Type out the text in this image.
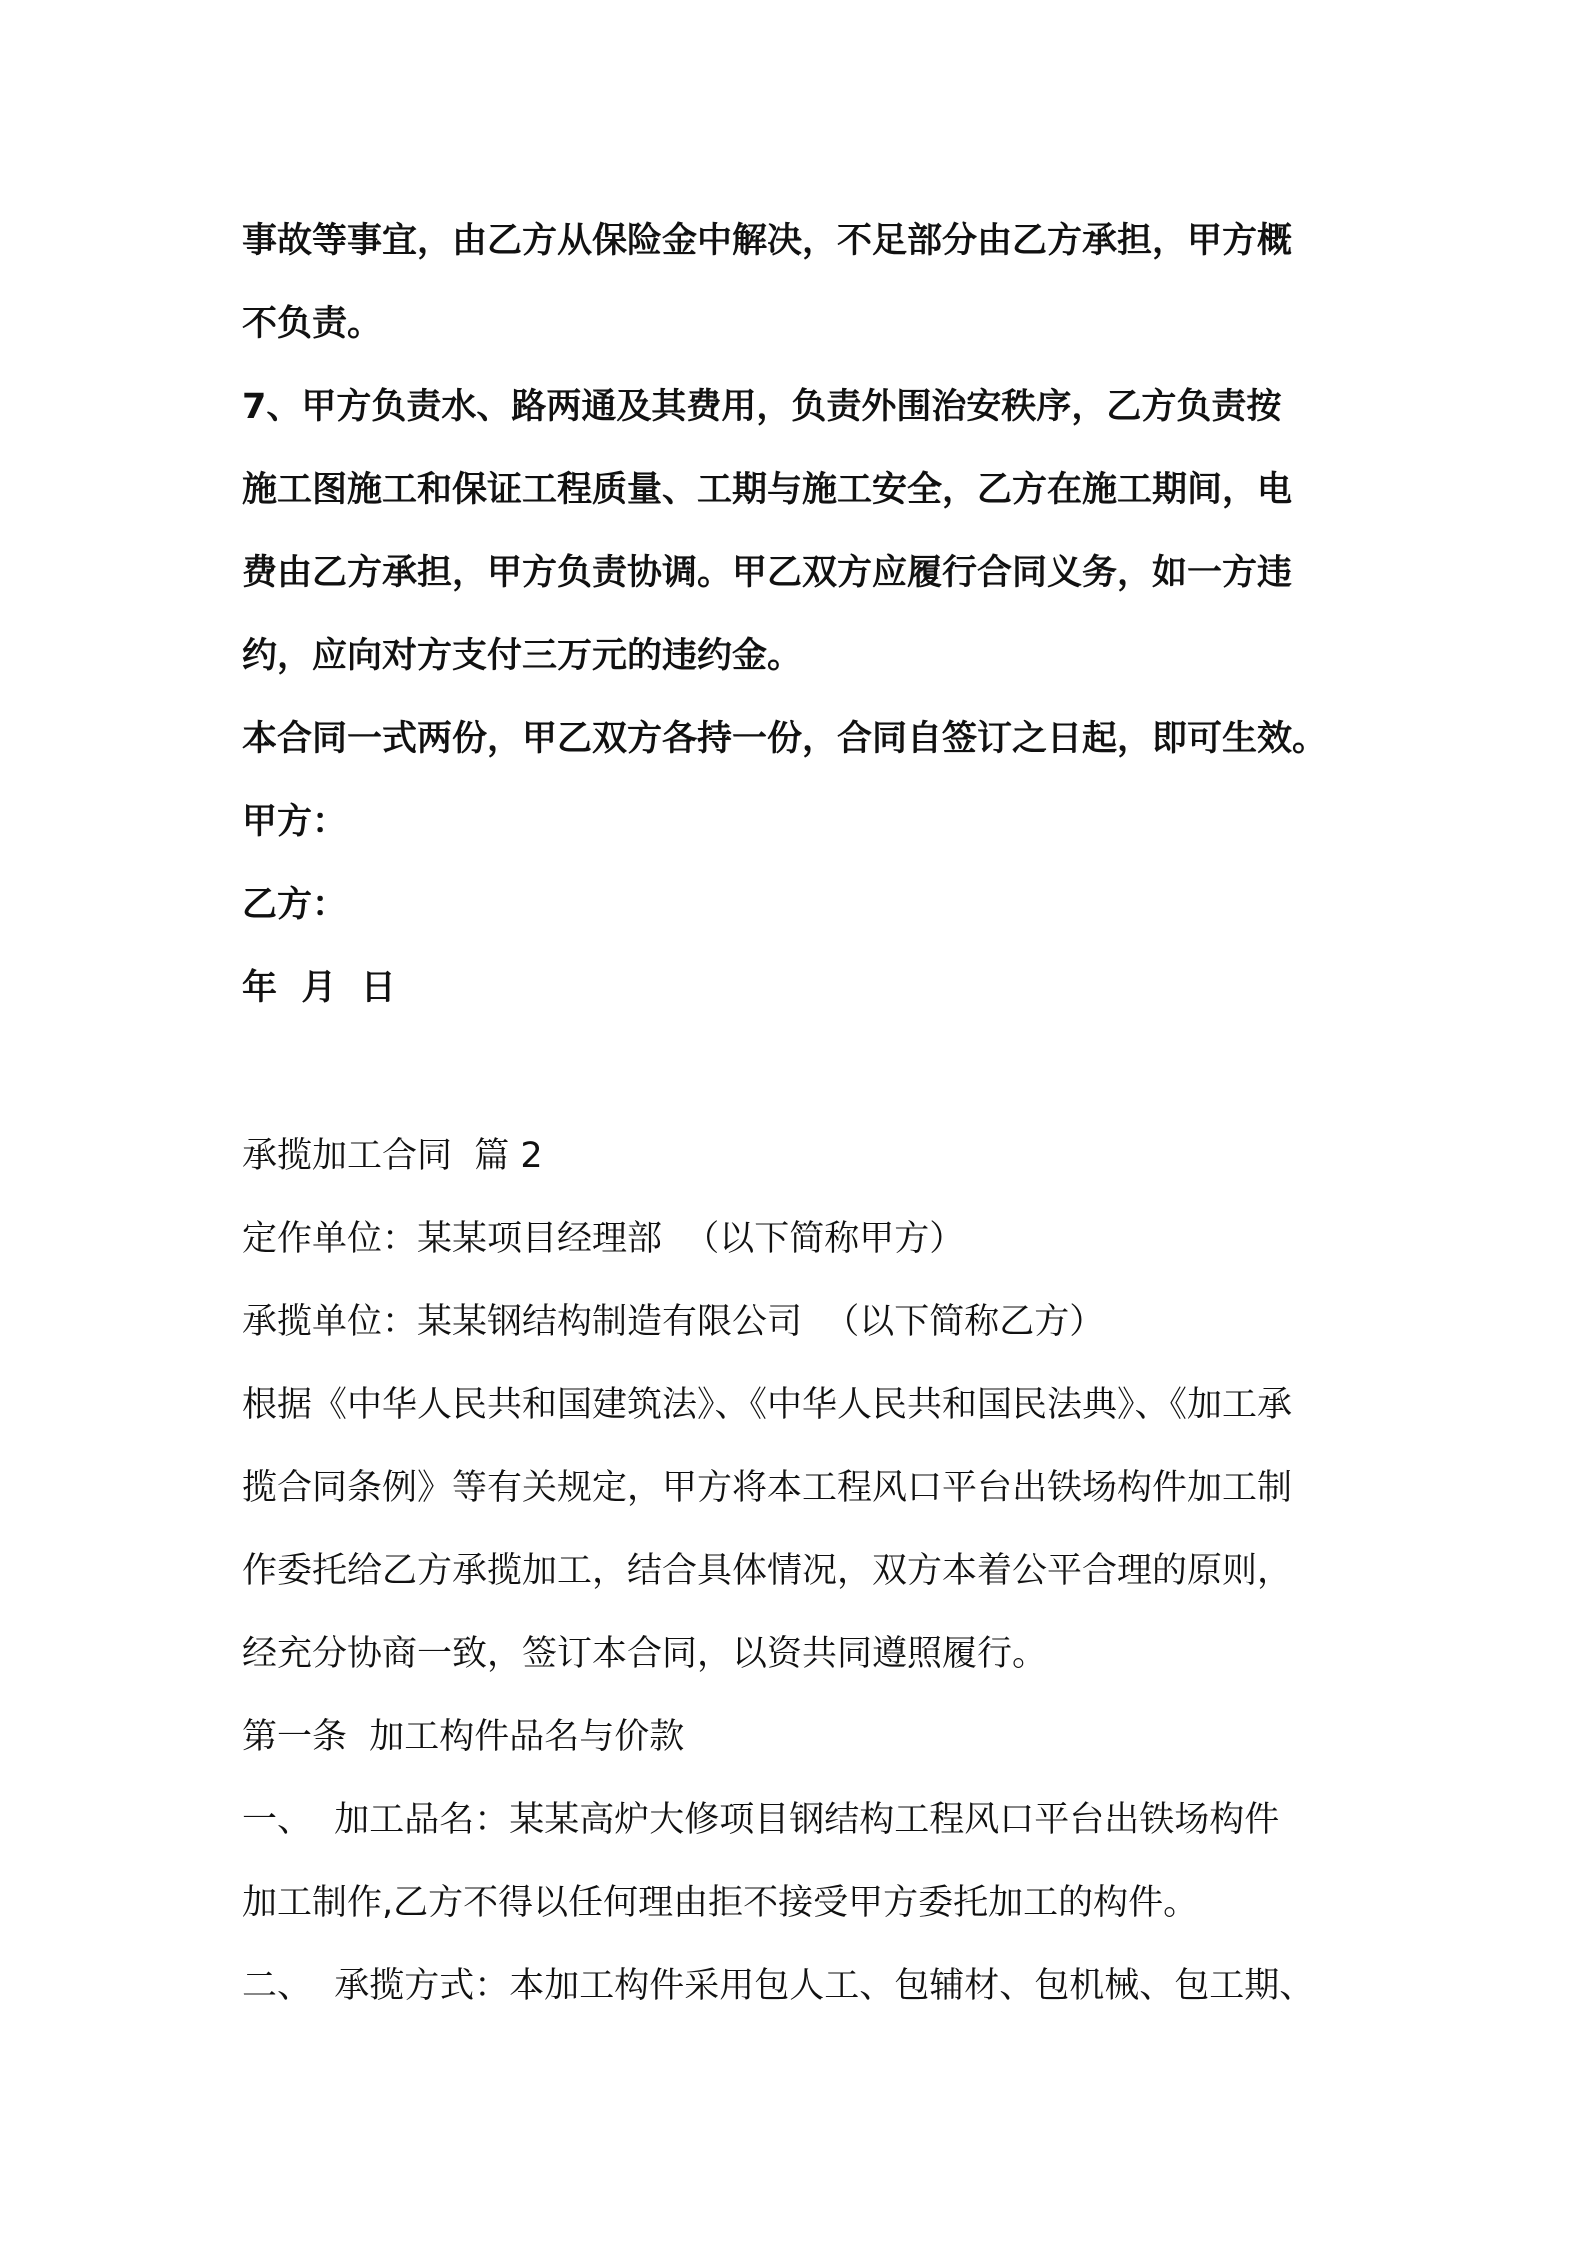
事故等事宜，由乙方从保险金中解决，不足部分由乙方承担，甲方概
不负责。
7、甲方负责水、路两通及其费用，负责外围治安秩序，乙方负责按
施工图施工和保证工程质量、工期与施工安全，乙方在施工期间，电
费由乙方承担，甲方负责协调。甲乙双方应履行合同义务，如一方违
约，应向对方支付三万元的违约金。
本合同一式两份，甲乙双方各持一份，合同自签订之日起，即可生效。
甲方：
乙方：
年  月  日
承揽加工合同  篇 2
定作单位：某某项目经理部  （以下简称甲方）
承揽单位：某某钢结构制造有限公司  （以下简称乙方）
根据《中华人民共和国建筑法》、《中华人民共和国民法典》、《加工承
揽合同条例》等有关规定，甲方将本工程风口平台出铁场构件加工制
作委托给乙方承揽加工，结合具体情况，双方本着公平合理的原则，
经充分协商一致，签订本合同，以资共同遵照履行。
第一条  加工构件品名与价款
一、  加工品名：某某高炉大修项目钢结构工程风口平台出铁场构件
加工制作,乙方不得以任何理由拒不接受甲方委托加工的构件。
二、  承揽方式：本加工构件采用包人工、包辅材、包机械、包工期、
